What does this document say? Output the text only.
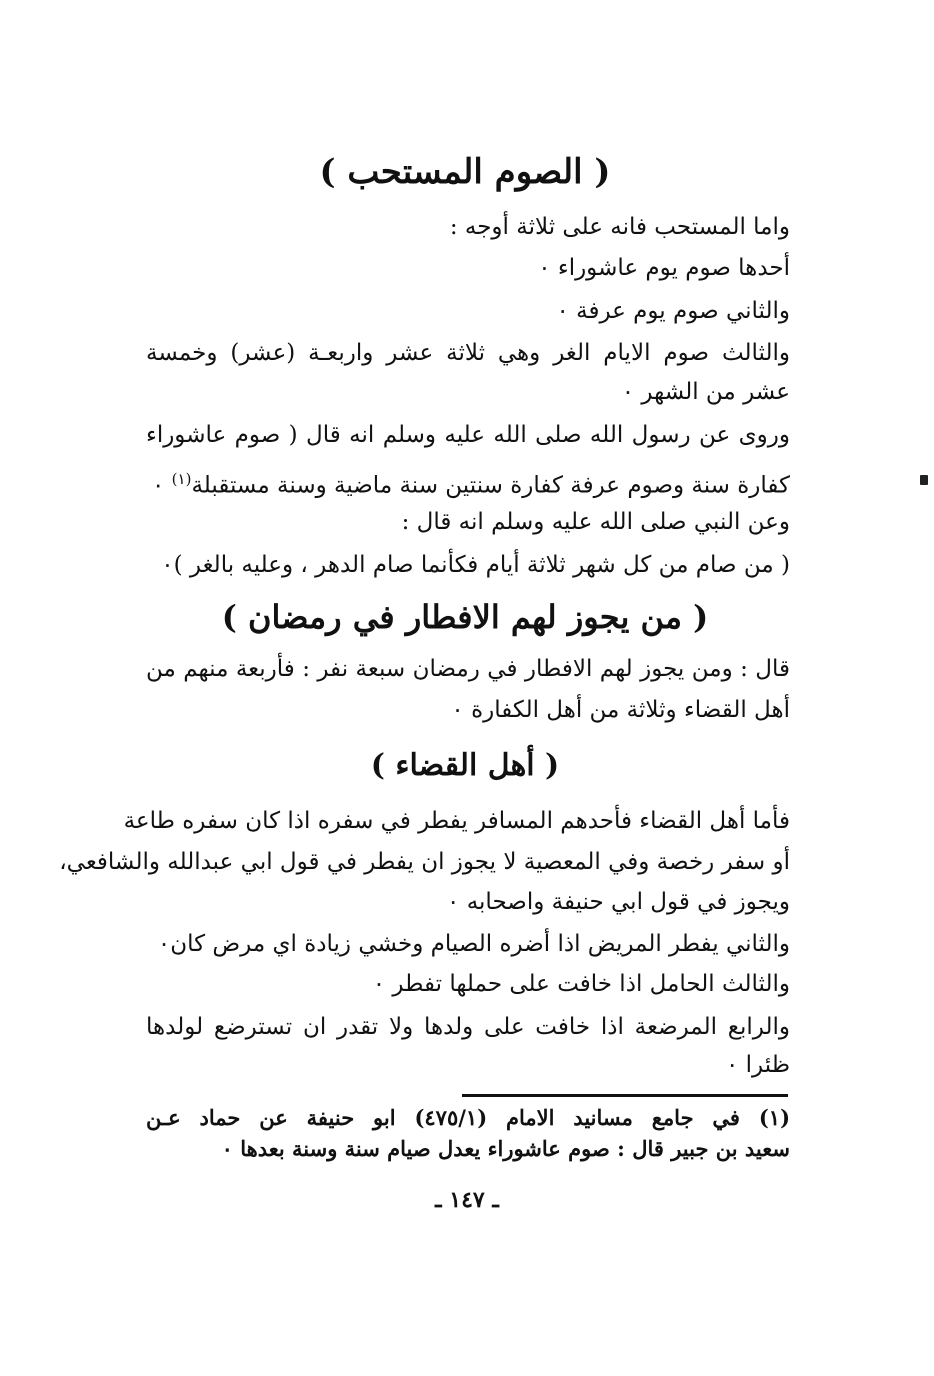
( الصوم المستحب )
واما المستحب فانه على ثلاثة أوجه :
أحدها صوم يوم عاشوراء ٠
والثاني صوم يوم عرفة ٠
والثالث صوم الايام الغر وهي ثلاثة عشر واربعـة (عشر) وخمسة
عشر من الشهر ٠
وروى عن رسول الله صلى الله عليه وسلم انه قال ( صوم عاشوراء
كفارة سنة وصوم عرفة كفارة سنتين سنة ماضية وسنة مستقبلة$^{(١)}$ ٠
وعن النبي صلى الله عليه وسلم انه قال :
( من صام من كل شهر ثلاثة أيام فكأنما صام الدهر ، وعليه بالغر )٠
( من يجوز لهم الافطار في رمضان )
قال : ومن يجوز لهم الافطار في رمضان سبعة نفر : فأربعة منهم من
أهل القضاء وثلاثة من أهل الكفارة ٠
( أهل القضاء )
فأما أهل القضاء فأحدهم المسافر يفطر في سفره اذا كان سفره طاعة
أو سفر رخصة وفي المعصية لا يجوز ان يفطر في قول ابي عبدالله والشافعي،
ويجوز في قول ابي حنيفة واصحابه ٠
والثاني يفطر المريض اذا أضره الصيام وخشي زيادة اي مرض كان٠
والثالث الحامل اذا خافت على حملها تفطر ٠
والرابع المرضعة اذا خافت على ولدها ولا تقدر ان تسترضع لولدها
ظئرا ٠
(١) في جامع مسانيد الامام (٤٧٥/١) ابو حنيفة عن حماد عـن
سعيد بن جبير قال : صوم عاشوراء يعدل صيام سنة وسنة بعدها ٠
ـ ١٤٧ ـ
